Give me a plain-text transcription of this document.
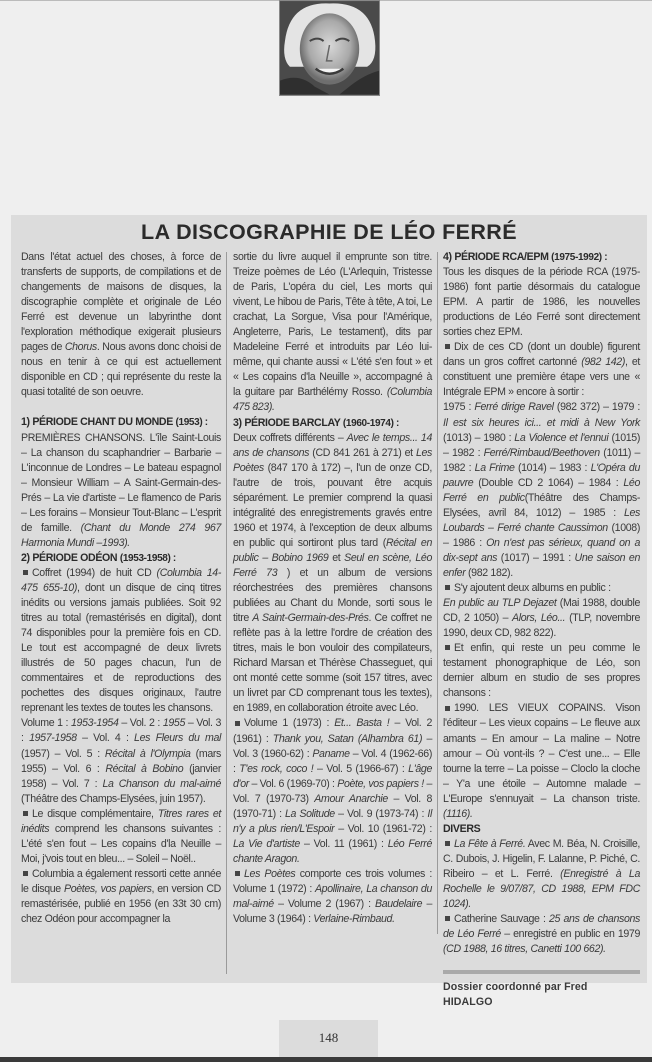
LA DISCOGRAPHIE DE LÉO FERRÉ

Dans l'état actuel des choses, à force de transferts de supports, de compilations et de changements de maisons de disques, la discographie complète et originale de Léo Ferré est devenue un labyrinthe dont l'exploration méthodique exigerait plusieurs pages de Chorus. Nous avons donc choisi de nous en tenir à ce qui est actuellement disponible en CD ; qui représente du reste la quasi totalité de son oeuvre.

1) PÉRIODE CHANT DU MONDE (1953) :

PREMIÈRES CHANSONS. L'île Saint-Louis – La chanson du scaphandrier – Barbarie – L'inconnue de Londres – Le bateau espagnol – Monsieur William – A Saint-Germain-des-Prés – La vie d'artiste – Le flamenco de Paris – Les forains – Monsieur Tout-Blanc – L'esprit de famille. (Chant du Monde 274 967 Harmonia Mundi –1993).

2) PÉRIODE ODÉON (1953-1958) :

Coffret (1994) de huit CD (Columbia 14-475 655-10), dont un disque de cinq titres inédits ou versions jamais publiées. Soit 92 titres au total (remastérisés en digital), dont 74 disponibles pour la première fois en CD. Le tout est accompagné de deux livrets illustrés de 50 pages chacun, l'un de commentaires et de reproductions des pochettes des disques originaux, l'autre reprenant les textes de toutes les chansons.

Volume 1 : 1953-1954 – Vol. 2 : 1955 – Vol. 3 : 1957-1958 – Vol. 4 : Les Fleurs du mal (1957) – Vol. 5 : Récital à l'Olympia (mars 1955) – Vol. 6 : Récital à Bobino (janvier 1958) – Vol. 7 : La Chanson du mal-aimé (Théâtre des Champs-Elysées, juin 1957).

Le disque complémentaire, Titres rares et inédits comprend les chansons suivantes : L'été s'en fout – Les copains d'la Neuille – Moi, j'vois tout en bleu... – Soleil – Noël..

Columbia a également ressorti cette année le disque Poètes, vos papiers, en version CD remastérisée, publié en 1956 (en 33t 30 cm) chez Odéon pour accompagner la

sortie du livre auquel il emprunte son titre. Treize poèmes de Léo (L'Arlequin, Tristesse de Paris, L'opéra du ciel, Les morts qui vivent, Le hibou de Paris, Tête à tête, A toi, Le crachat, La Sorgue, Visa pour l'Amérique, Angleterre, Paris, Le testament), dits par Madeleine Ferré et introduits par Léo lui-même, qui chante aussi « L'été s'en fout » et « Les copains d'la Neuille », accompagné à la guitare par Barthélémy Rosso. (Columbia 475 823).

3) PÉRIODE BARCLAY (1960-1974) :

Deux coffrets différents – Avec le temps... 14 ans de chansons (CD 841 261 à 271) et Les Poètes (847 170 à 172) –, l'un de onze CD, l'autre de trois, pouvant être acquis séparément. Le premier comprend la quasi intégralité des enregistrements gravés entre 1960 et 1974, à l'exception de deux albums en public qui sortiront plus tard (Récital en public – Bobino 1969 et Seul en scène, Léo Ferré 73 ) et un album de versions réorchestrées des premières chansons publiées au Chant du Monde, sorti sous le titre A Saint-Germain-des-Prés. Ce coffret ne reflète pas à la lettre l'ordre de création des titres, mais le bon vouloir des compilateurs, Richard Marsan et Thérèse Chasseguet, qui ont monté cette somme (soit 157 titres, avec un livret par CD comprenant tous les textes), en 1989, en collaboration étroite avec Léo.

Volume 1 (1973) : Et... Basta ! – Vol. 2 (1961) : Thank you, Satan (Alhambra 61) – Vol. 3 (1960-62) : Paname – Vol. 4 (1962-66) : T'es rock, coco ! – Vol. 5 (1966-67) : L'âge d'or – Vol. 6 (1969-70) : Poète, vos papiers ! – Vol. 7 (1970-73) Amour Anarchie – Vol. 8 (1970-71) : La Solitude – Vol. 9 (1973-74) : Il n'y a plus rien/L'Espoir – Vol. 10 (1961-72) : La Vie d'artiste – Vol. 11 (1961) : Léo Ferré chante Aragon.

Les Poètes comporte ces trois volumes : Volume 1 (1972) : Apollinaire, La chanson du mal-aimé – Volume 2 (1967) : Baudelaire – Volume 3 (1964) : Verlaine-Rimbaud.

4) PÉRIODE RCA/EPM (1975-1992) :

Tous les disques de la période RCA (1975-1986) font partie désormais du catalogue EPM. A partir de 1986, les nouvelles productions de Léo Ferré sont directement sorties chez EPM.

Dix de ces CD (dont un double) figurent dans un gros coffret cartonné (982 142), et constituent une première étape vers une « Intégrale EPM » encore à sortir :

1975 : Ferré dirige Ravel (982 372) – 1979 : Il est six heures ici... et midi à New York (1013) – 1980 : La Violence et l'ennui (1015) – 1982 : Ferré/Rimbaud/Beethoven (1011) – 1982 : La Frime (1014) – 1983 : L'Opéra du pauvre (Double CD 2 1064) – 1984 : Léo Ferré en public(Théâtre des Champs-Elysées, avril 84, 1012) – 1985 : Les Loubards – Ferré chante Caussimon (1008) – 1986 : On n'est pas sérieux, quand on a dix-sept ans (1017) – 1991 : Une saison en enfer (982 182).

S'y ajoutent deux albums en public :
En public au TLP Dejazet (Mai 1988, double CD, 2 1050) – Alors, Léo... (TLP, novembre 1990, deux CD, 982 822).

Et enfin, qui reste un peu comme le testament phonographique de Léo, son dernier album en studio de ses propres chansons :

1990. LES VIEUX COPAINS. Vison l'éditeur – Les vieux copains – Le fleuve aux amants – En amour – La maline – Notre amour – Où vont-ils ? – C'est une... – Elle tourne la terre – La poisse – Cloclo la cloche – Y'a une étoile – Automne malade – L'Europe s'ennuyait – La chanson triste. (1116).

DIVERS

La Fête à Ferré. Avec M. Béa, N. Croisille, C. Dubois, J. Higelin, F. Lalanne, P. Piché, C. Ribeiro – et L. Ferré. (Enregistré à La Rochelle le 9/07/87, CD 1988, EPM FDC 1024).

Catherine Sauvage : 25 ans de chansons de Léo Ferré – enregistré en public en 1979 (CD 1988, 16 titres, Canetti 100 662).

Dossier coordonné par Fred HIDALGO

148
